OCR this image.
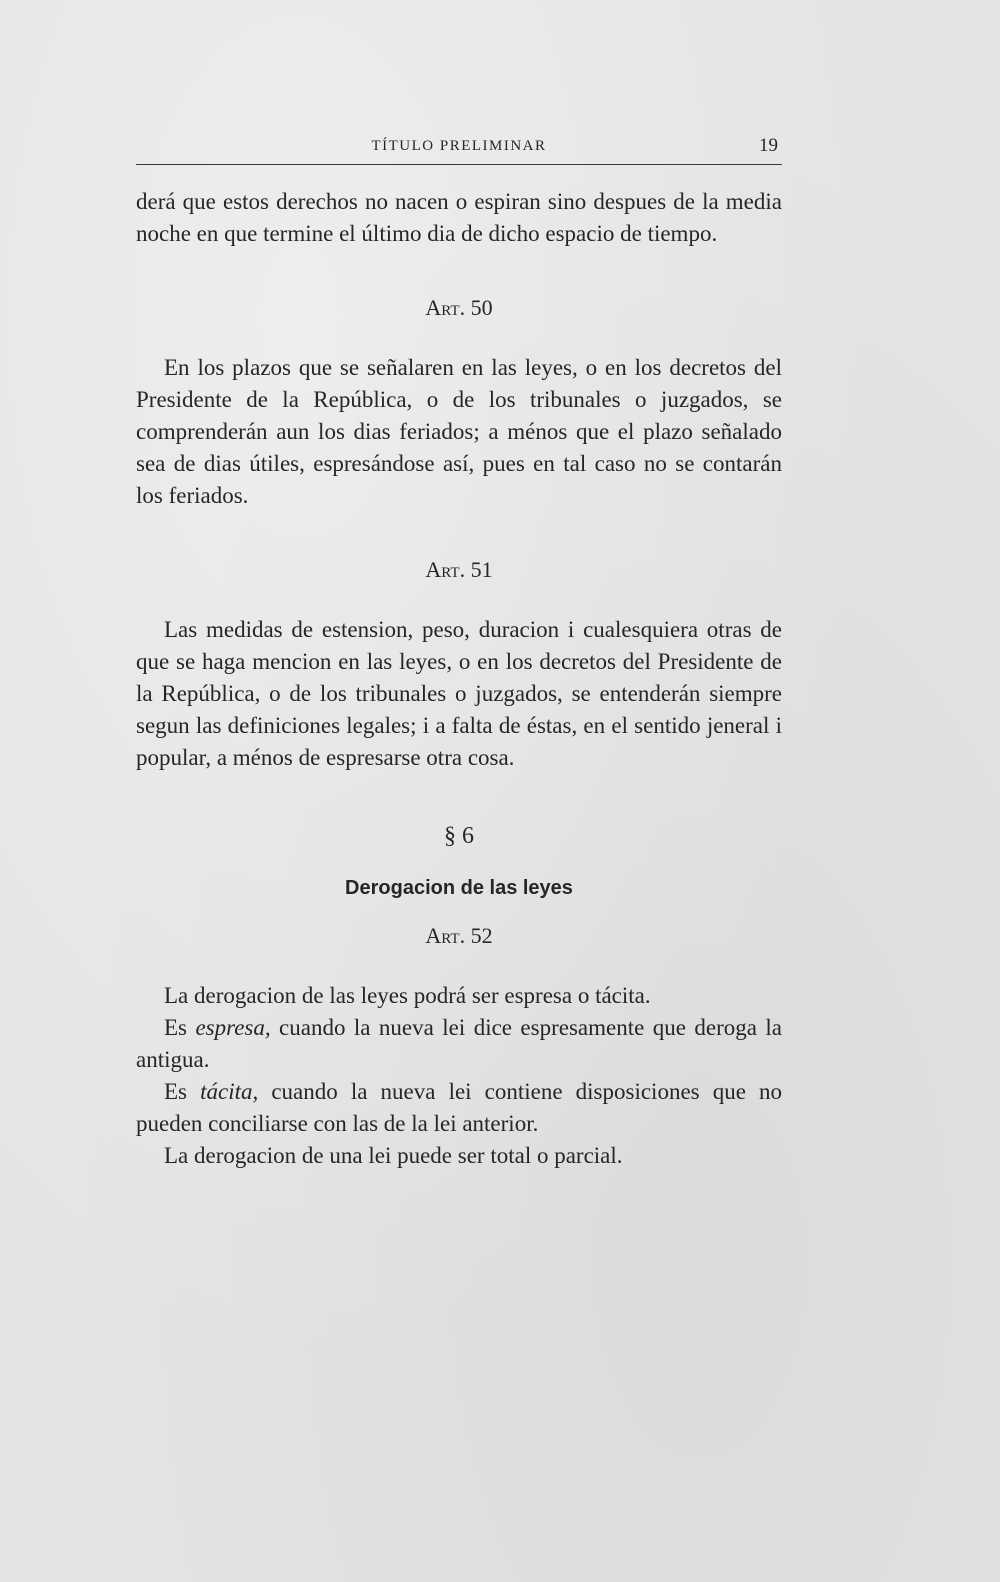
TÍTULO PRELIMINAR	19

derá que estos derechos no nacen o espiran sino despues de la media noche en que termine el último dia de dicho espacio de tiempo.

Art. 50

En los plazos que se señalaren en las leyes, o en los decretos del Presidente de la República, o de los tribunales o juzgados, se comprenderán aun los dias feriados; a ménos que el plazo señalado sea de dias útiles, espresándose así, pues en tal caso no se contarán los feriados.

Art. 51

Las medidas de estension, peso, duracion i cualesquiera otras de que se haga mencion en las leyes, o en los decretos del Presidente de la República, o de los tribunales o juzgados, se entenderán siempre segun las definiciones legales; i a falta de éstas, en el sentido jeneral i popular, a ménos de espresarse otra cosa.

§ 6

Derogacion de las leyes

Art. 52

La derogacion de las leyes podrá ser espresa o tácita.

Es espresa, cuando la nueva lei dice espresamente que deroga la antigua.

Es tácita, cuando la nueva lei contiene disposiciones que no pueden conciliarse con las de la lei anterior.

La derogacion de una lei puede ser total o parcial.
